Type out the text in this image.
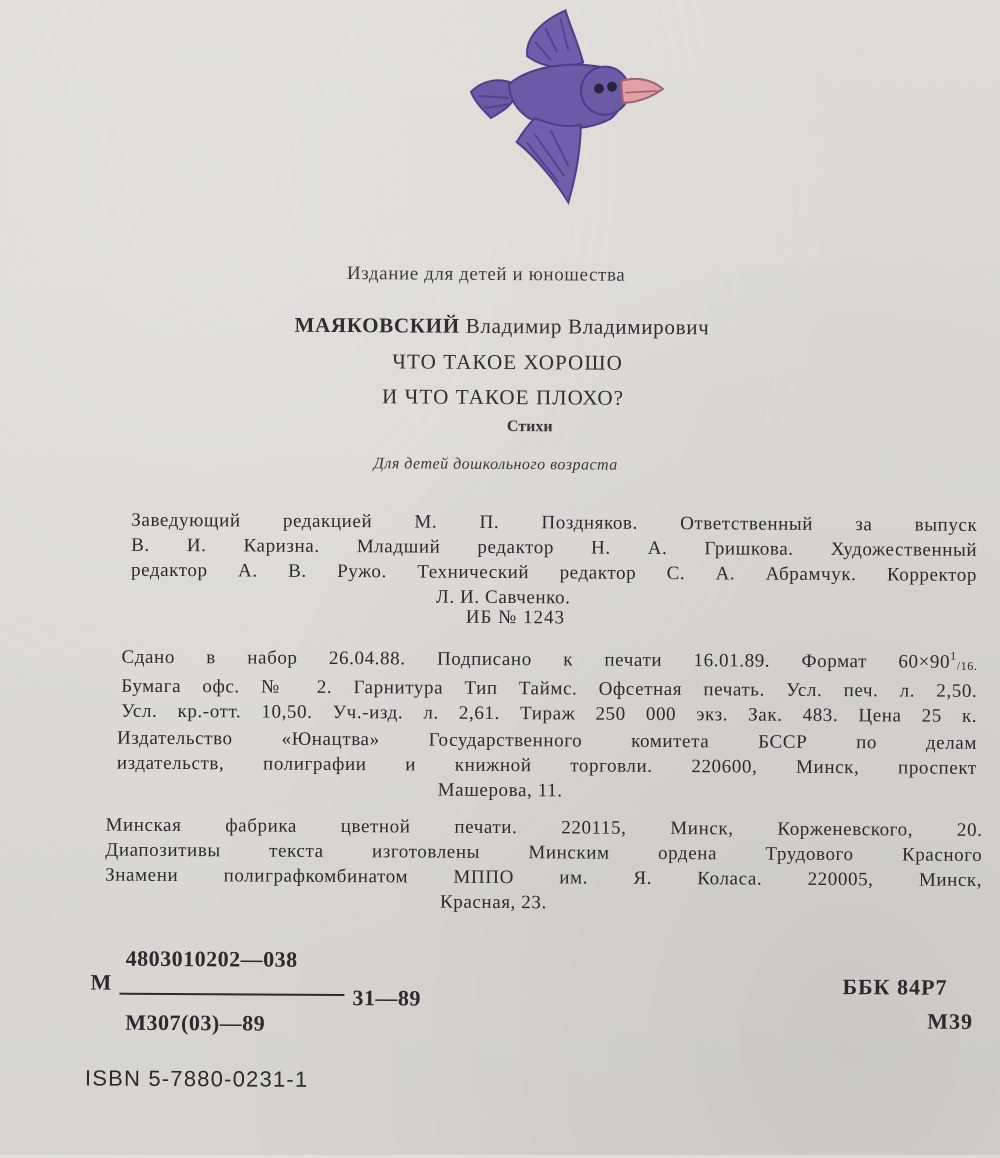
Издание для детей и юношества
МАЯКОВСКИЙ Владимир Владимирович
ЧТО ТАКОЕ ХОРОШО
И ЧТО ТАКОЕ ПЛОХО?
Стихи
Для детей дошкольного возраста
Заведующий редакцией М. П. Поздняков. Ответственный за выпуск
В. И. Каризна. Младший редактор Н. А. Гришкова. Художественный
редактор А. В. Ружо. Технический редактор С. А. Абрамчук. Корректор
Л. И. Савченко.
ИБ № 1243
Сдано в набор 26.04.88. Подписано к печати 16.01.89. Формат $60\times 90^1/16$.
Бумага офс. № 2. Гарнитура Тип Таймс. Офсетная печать. Усл. печ. л. 2,50.
Усл. кр.-отт. 10,50. Уч.-изд. л. 2,61. Тираж 250 000 экз. Зак. 483. Цена 25 к.
Издательство «Юнацтва» Государственного комитета БССР по делам
издательств, полиграфии и книжной торговли. 220600, Минск, проспект
Машерова, 11.
Минская фабрика цветной печати. 220115, Минск, Корженевского, 20.
Диапозитивы текста изготовлены Минским ордена Трудового Красного
Знамени полиграфкомбинатом МППО им. Я. Коласа. 220005, Минск,
Красная, 23.
4803010202—038
М
31—89
М307(03)—89
ББК 84Р7
М39
ISBN 5-7880-0231-1
